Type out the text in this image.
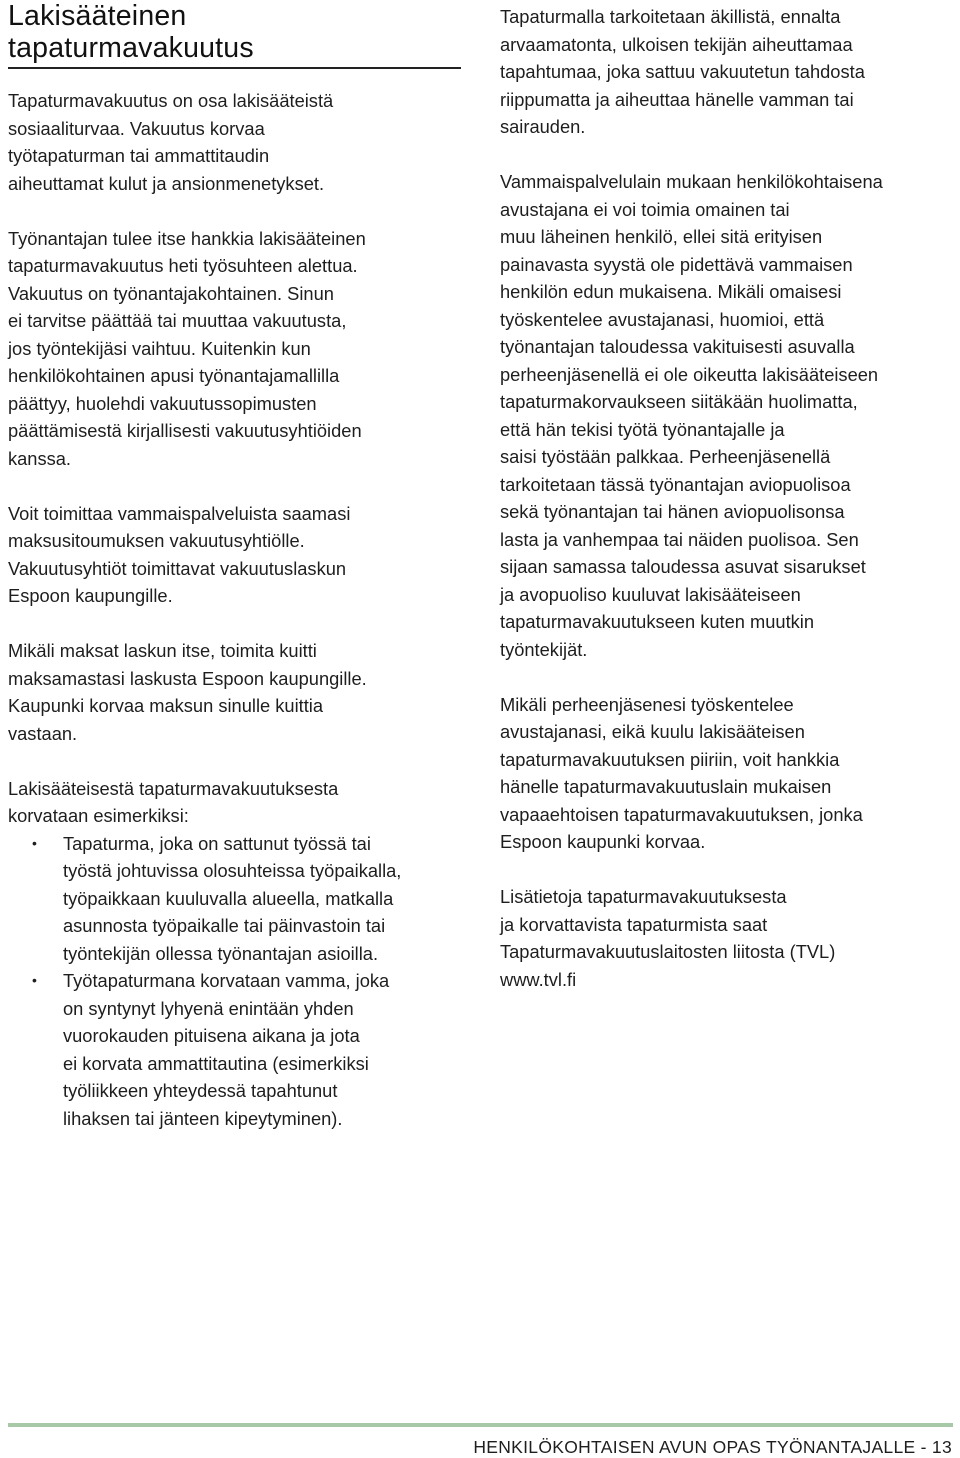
Lakisääteinen
tapaturmavakuutus

Tapaturmavakuutus on osa lakisääteistä
sosiaaliturvaa. Vakuutus korvaa
työtapaturman tai ammattitaudin
aiheuttamat kulut ja ansionmenetykset.

Työnantajan tulee itse hankkia lakisääteinen
tapaturmavakuutus heti työsuhteen alettua.
Vakuutus on työnantajakohtainen. Sinun
ei tarvitse päättää tai muuttaa vakuutusta,
jos työntekijäsi vaihtuu. Kuitenkin kun
henkilökohtainen apusi työnantajamallilla
päättyy, huolehdi vakuutussopimusten
päättämisestä kirjallisesti vakuutusyhtiöiden
kanssa.

Voit toimittaa vammaispalveluista saamasi
maksusitoumuksen vakuutusyhtiölle.
Vakuutusyhtiöt toimittavat vakuutuslaskun
Espoon kaupungille.

Mikäli maksat laskun itse, toimita kuitti
maksamastasi laskusta Espoon kaupungille.
Kaupunki korvaa maksun sinulle kuittia
vastaan.

Lakisääteisestä tapaturmavakuutuksesta
korvataan esimerkiksi:
• Tapaturma, joka on sattunut työssä tai
työstä johtuvissa olosuhteissa työpaikalla,
työpaikkaan kuuluvalla alueella, matkalla
asunnosta työpaikalle tai päinvastoin tai
työntekijän ollessa työnantajan asioilla.
• Työtapaturmana korvataan vamma, joka
on syntynyt lyhyenä enintään yhden
vuorokauden pituisena aikana ja jota
ei korvata ammattitautina (esimerkiksi
työliikkeen yhteydessä tapahtunut
lihaksen tai jänteen kipeytyminen).

Tapaturmalla tarkoitetaan äkillistä, ennalta
arvaamatonta, ulkoisen tekijän aiheuttamaa
tapahtumaa, joka sattuu vakuutetun tahdosta
riippumatta ja aiheuttaa hänelle vamman tai
sairauden.

Vammaispalvelulain mukaan henkilökohtaisena
avustajana ei voi toimia omainen tai
muu läheinen henkilö, ellei sitä erityisen
painavasta syystä ole pidettävä vammaisen
henkilön edun mukaisena. Mikäli omaisesi
työskentelee avustajanasi, huomioi, että
työnantajan taloudessa vakituisesti asuvalla
perheenjäsenellä ei ole oikeutta lakisääteiseen
tapaturmakorvaukseen siitäkään huolimatta,
että hän tekisi työtä työnantajalle ja
saisi työstään palkkaa. Perheenjäsenellä
tarkoitetaan tässä työnantajan aviopuolisoa
sekä työnantajan tai hänen aviopuolisonsa
lasta ja vanhempaa tai näiden puolisoa. Sen
sijaan samassa taloudessa asuvat sisarukset
ja avopuoliso kuuluvat lakisääteiseen
tapaturmavakuutukseen kuten muutkin
työntekijät.

Mikäli perheenjäsenesi työskentelee
avustajanasi, eikä kuulu lakisääteisen
tapaturmavakuutuksen piiriin, voit hankkia
hänelle tapaturmavakuutuslain mukaisen
vapaaehtoisen tapaturmavakuutuksen, jonka
Espoon kaupunki korvaa.

Lisätietoja tapaturmavakuutuksesta
ja korvattavista tapaturmista saat
Tapaturmavakuutuslaitosten liitosta (TVL)
www.tvl.fi

HENKILÖKOHTAISEN AVUN OPAS TYÖNANTAJALLE - 13
